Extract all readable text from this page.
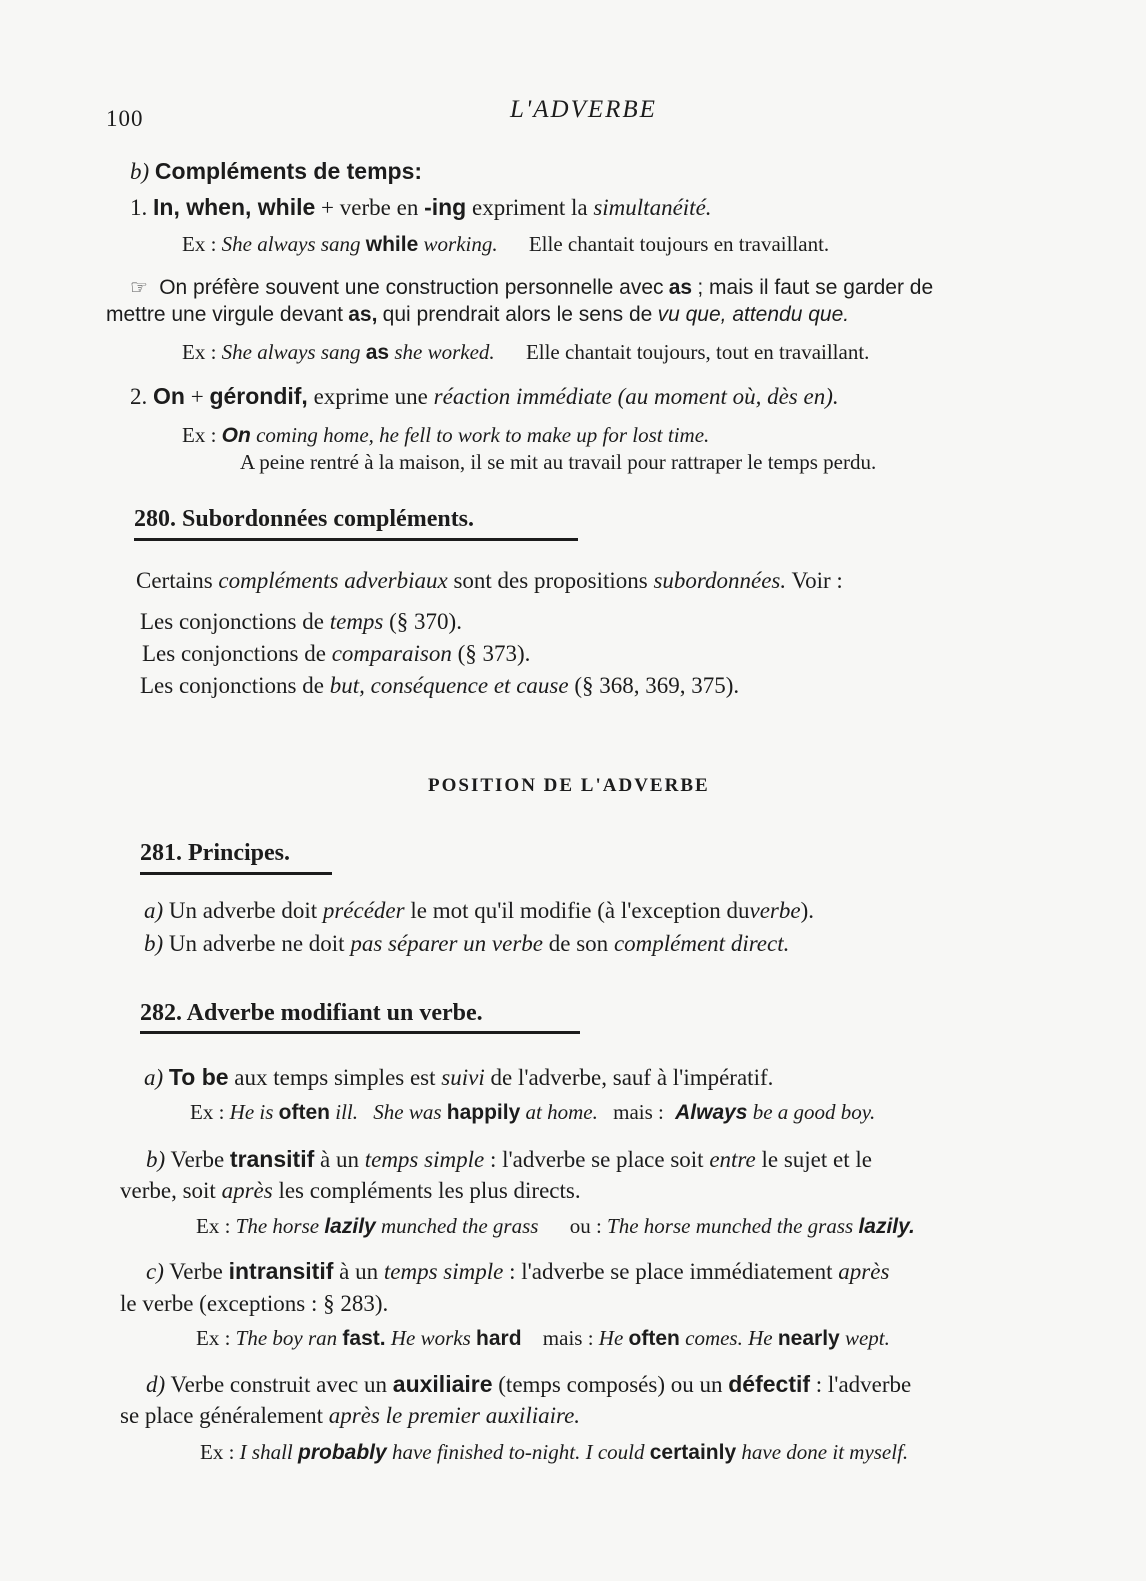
100	L'ADVERBE
b) Compléments de temps:
1. In, when, while + verbe en -ing expriment la simultanéité.
Ex : She always sang while working. Elle chantait toujours en travaillant.
☞ On préfère souvent une construction personnelle avec as ; mais il faut se garder de
mettre une virgule devant as, qui prendrait alors le sens de vu que, attendu que.
Ex : She always sang as she worked. Elle chantait toujours, tout en travaillant.
2. On + gérondif, exprime une réaction immédiate (au moment où, dès en).
Ex : On coming home, he fell to work to make up for lost time.
A peine rentré à la maison, il se mit au travail pour rattraper le temps perdu.
280. Subordonnées compléments.
Certains compléments adverbiaux sont des propositions subordonnées. Voir :
Les conjonctions de temps (§ 370).
Les conjonctions de comparaison (§ 373).
Les conjonctions de but, conséquence et cause (§ 368, 369, 375).
POSITION DE L'ADVERBE
281. Principes.
a) Un adverbe doit précéder le mot qu'il modifie (à l'exception duverbe).
b) Un adverbe ne doit pas séparer un verbe de son complément direct.
282. Adverbe modifiant un verbe.
a) To be aux temps simples est suivi de l'adverbe, sauf à l'impératif.
Ex : He is often ill. She was happily at home. mais : Always be a good boy.
b) Verbe transitif à un temps simple : l'adverbe se place soit entre le sujet et le
verbe, soit après les compléments les plus directs.
Ex : The horse lazily munched the grass ou : The horse munched the grass lazily.
c) Verbe intransitif à un temps simple : l'adverbe se place immédiatement après
le verbe (exceptions : § 283).
Ex : The boy ran fast. He works hard mais : He often comes. He nearly wept.
d) Verbe construit avec un auxiliaire (temps composés) ou un défectif : l'adverbe
se place généralement après le premier auxiliaire.
Ex : I shall probably have finished to-night. I could certainly have done it myself.
